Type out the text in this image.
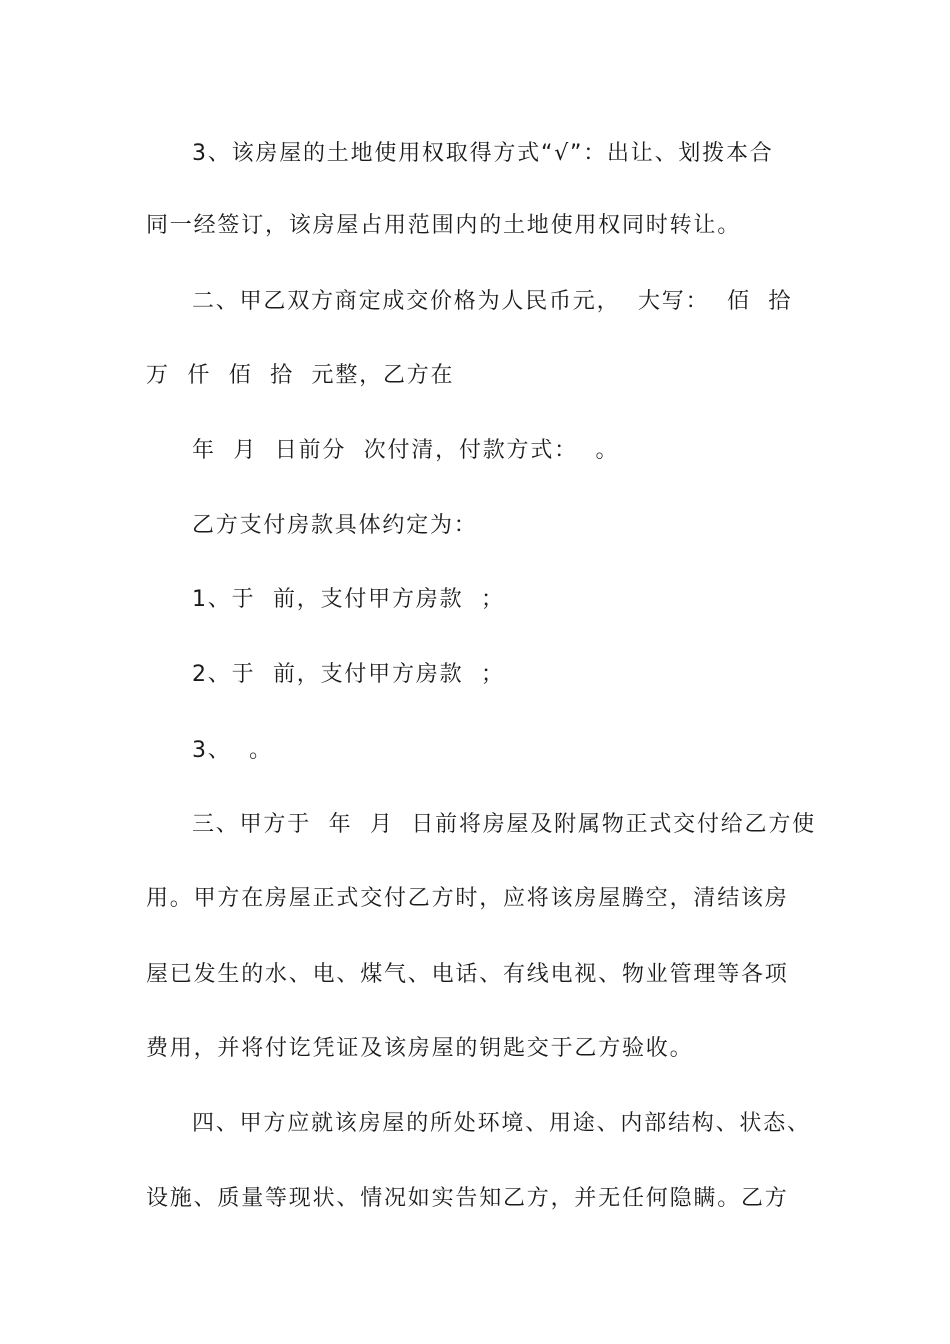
3、该房屋的土地使用权取得方式“√”：出让、划拨本合
同一经签订，该房屋占用范围内的土地使用权同时转让。
二、甲乙双方商定成交价格为人民币元，  大写：  佰  拾
万  仟  佰  拾  元整，乙方在
年  月  日前分  次付清，付款方式：  。
乙方支付房款具体约定为：
1、于  前，支付甲方房款  ；
2、于  前，支付甲方房款  ；
3、  。
三、甲方于  年  月  日前将房屋及附属物正式交付给乙方使
用。甲方在房屋正式交付乙方时，应将该房屋腾空，清结该房
屋已发生的水、电、煤气、电话、有线电视、物业管理等各项
费用，并将付讫凭证及该房屋的钥匙交于乙方验收。
四、甲方应就该房屋的所处环境、用途、内部结构、状态、
设施、质量等现状、情况如实告知乙方，并无任何隐瞒。乙方
